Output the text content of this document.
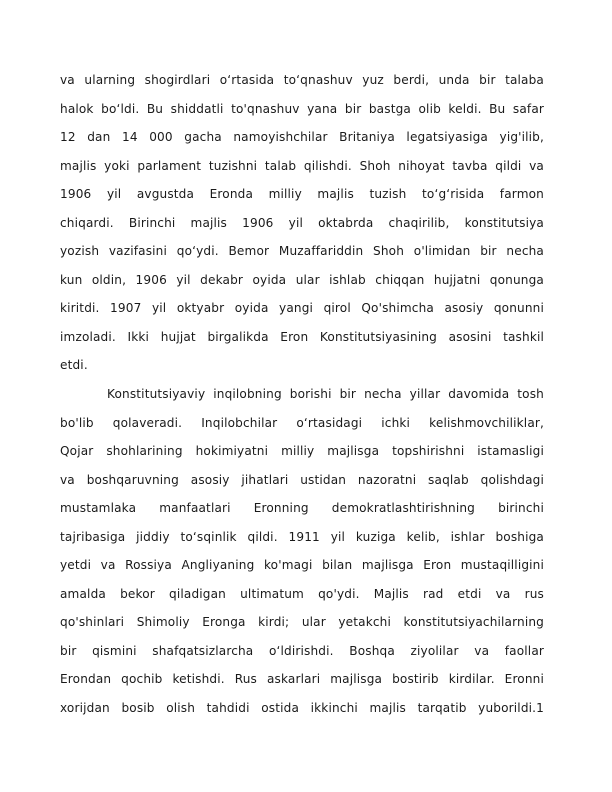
va ularning shogirdlari o‘rtasida to‘qnashuv yuz berdi, unda bir talaba
halok bo‘ldi. Bu shiddatli to'qnashuv yana bir bastga olib keldi. Bu safar
12 dan 14 000 gacha namoyishchilar Britaniya legatsiyasiga yig'ilib,
majlis yoki parlament tuzishni talab qilishdi. Shoh nihoyat tavba qildi va
1906 yil avgustda Eronda milliy majlis tuzish to‘g‘risida farmon
chiqardi. Birinchi majlis 1906 yil oktabrda chaqirilib, konstitutsiya
yozish vazifasini qo‘ydi. Bemor Muzaffariddin Shoh o'limidan bir necha
kun oldin, 1906 yil dekabr oyida ular ishlab chiqqan hujjatni qonunga
kiritdi. 1907 yil oktyabr oyida yangi qirol Qo'shimcha asosiy qonunni
imzoladi. Ikki hujjat birgalikda Eron Konstitutsiyasining asosini tashkil
etdi.
Konstitutsiyaviy inqilobning borishi bir necha yillar davomida tosh
bo'lib qolaveradi. Inqilobchilar o‘rtasidagi ichki kelishmovchiliklar,
Qojar shohlarining hokimiyatni milliy majlisga topshirishni istamasligi
va boshqaruvning asosiy jihatlari ustidan nazoratni saqlab qolishdagi
mustamlaka manfaatlari Eronning demokratlashtirishning birinchi
tajribasiga jiddiy to‘sqinlik qildi. 1911 yil kuziga kelib, ishlar boshiga
yetdi va Rossiya Angliyaning ko'magi bilan majlisga Eron mustaqilligini
amalda bekor qiladigan ultimatum qo'ydi. Majlis rad etdi va rus
qo'shinlari Shimoliy Eronga kirdi; ular yetakchi konstitutsiyachilarning
bir qismini shafqatsizlarcha o‘ldirishdi. Boshqa ziyolilar va faollar
Erondan qochib ketishdi. Rus askarlari majlisga bostirib kirdilar. Eronni
xorijdan bosib olish tahdidi ostida ikkinchi majlis tarqatib yuborildi.1
